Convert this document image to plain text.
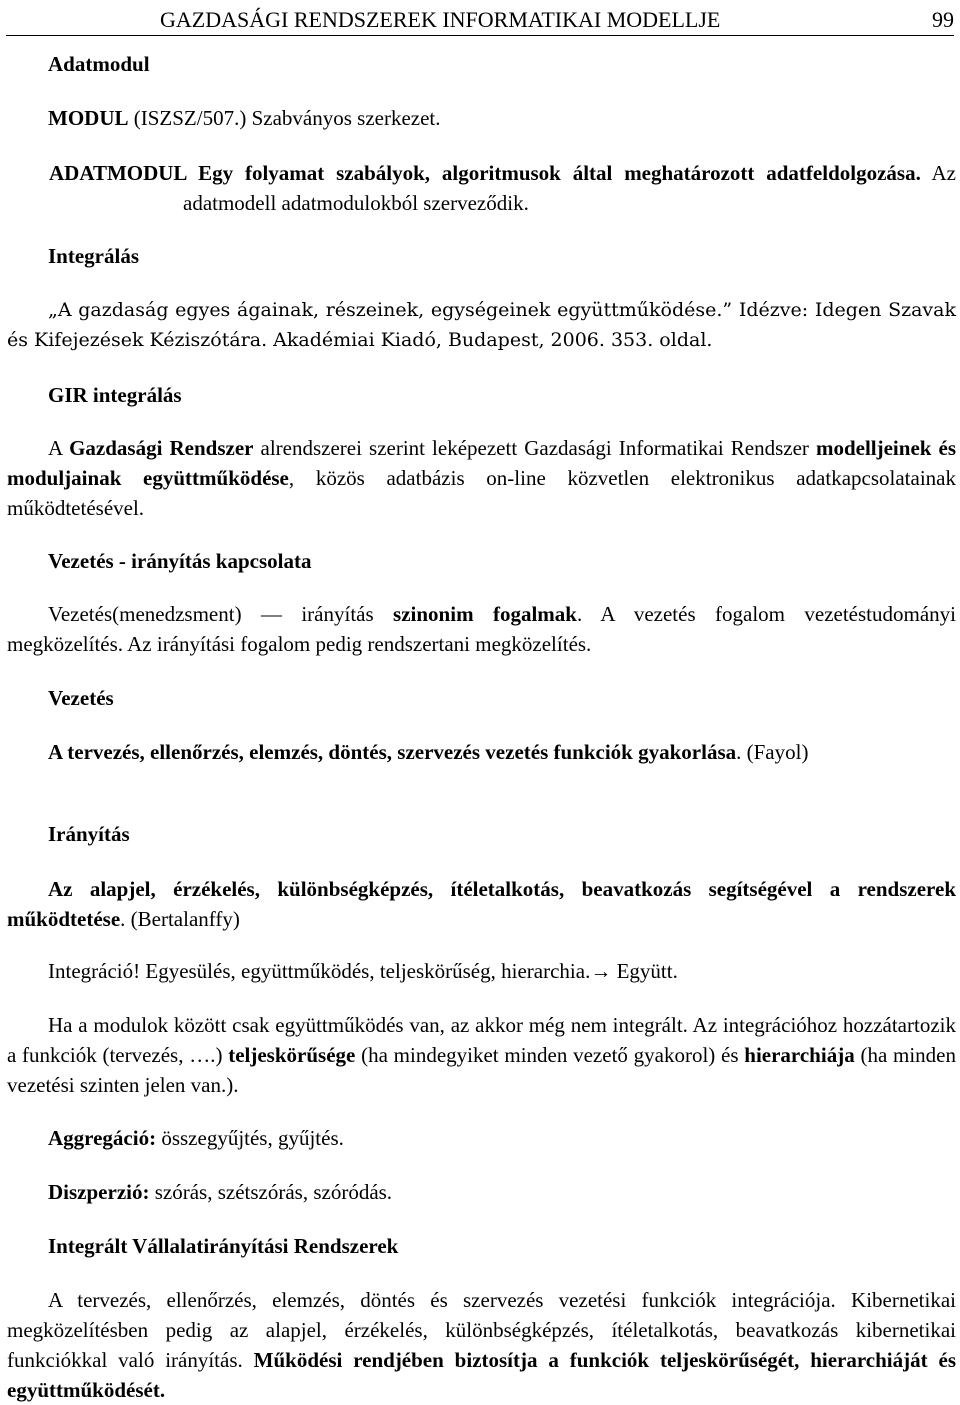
GAZDASÁGI RENDSZEREK INFORMATIKAI MODELLJE	99
Adatmodul
MODUL (ISZSZ/507.) Szabványos szerkezet.
ADATMODUL Egy folyamat szabályok, algoritmusok által meghatározott adatfeldolgozása. Az adatmodell adatmodulokból szerveződik.
Integrálás
„A gazdaság egyes ágainak, részeinek, egységeinek együttműködése.” Idézve: Idegen Szavak és Kifejezések Kéziszótára. Akadémiai Kiadó, Budapest, 2006. 353. oldal.
GIR integrálás
A Gazdasági Rendszer alrendszerei szerint leképezett Gazdasági Informatikai Rendszer modelljeinek és moduljainak együttműködése, közös adatbázis on-line közvetlen elektronikus adatkapcsolatainak működtetésével.
Vezetés - irányítás kapcsolata
Vezetés(menedzsment) — irányítás szinonim fogalmak. A vezetés fogalom vezetéstudományi megközelítés. Az irányítási fogalom pedig rendszertani megközelítés.
Vezetés
A tervezés, ellenőrzés, elemzés, döntés, szervezés vezetés funkciók gyakorlása. (Fayol)
Irányítás
Az alapjel, érzékelés, különbségképzés, ítéletalkotás, beavatkozás segítségével a rendszerek működtetése. (Bertalanffy)
Integráció! Egyesülés, együttműködés, teljeskörűség, hierarchia.→ Együtt.
Ha a modulok között csak együttműködés van, az akkor még nem integrált. Az integrációhoz hozzátartozik a funkciók (tervezés, ….) teljeskörűsége (ha mindegyiket minden vezető gyakorol) és hierarchiája (ha minden vezetési szinten jelen van.).
Aggregáció: összegyűjtés, gyűjtés.
Diszperzió: szórás, szétszórás, szóródás.
Integrált Vállalatirányítási Rendszerek
A tervezés, ellenőrzés, elemzés, döntés és szervezés vezetési funkciók integrációja. Kibernetikai megközelítésben pedig az alapjel, érzékelés, különbségképzés, ítéletalkotás, beavatkozás kibernetikai funkciókkal való irányítás. Működési rendjében biztosítja a funkciók teljeskörűségét, hierarchiáját és együttműködését.
